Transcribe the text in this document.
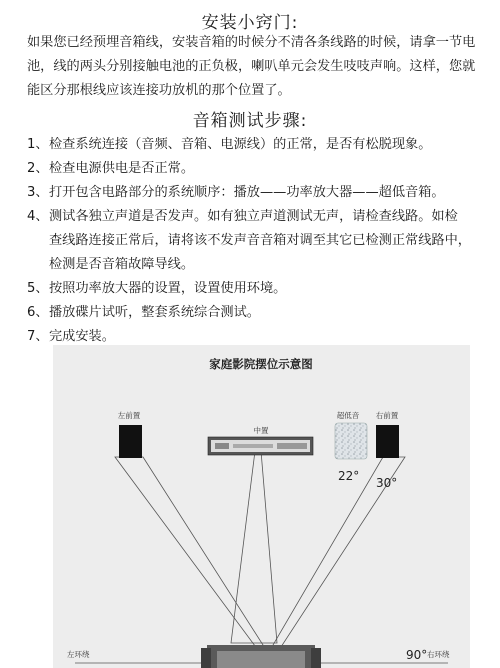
安装小窍门:
如果您已经预埋音箱线，安装音箱的时候分不清各条线路的时候，请拿一节电
池，线的两头分别接触电池的正负极，喇叭单元会发生吱吱声响。这样，您就
能区分那根线应该连接功放机的那个位置了。
音箱测试步骤:
1、 检查系统连接（音频、音箱、电源线）的正常，是否有松脱现象。
2、 检查电源供电是否正常。
3、 打开包含电路部分的系统顺序：播放——功率放大器——超低音箱。
4、 测试各独立声道是否发声。如有独立声道测试无声，请检查线路。如检
查线路连接正常后，请将该不发声音音箱对调至其它已检测正常线路中，
检测是否音箱故障导线。
5、 按照功率放大器的设置，设置使用环境。
6、 播放碟片试听，整套系统综合测试。
7、 完成安装。
家庭影院摆位示意图
左前置
中置
超低音 右前置
22° 30°
90°
左环绕	右环绕
